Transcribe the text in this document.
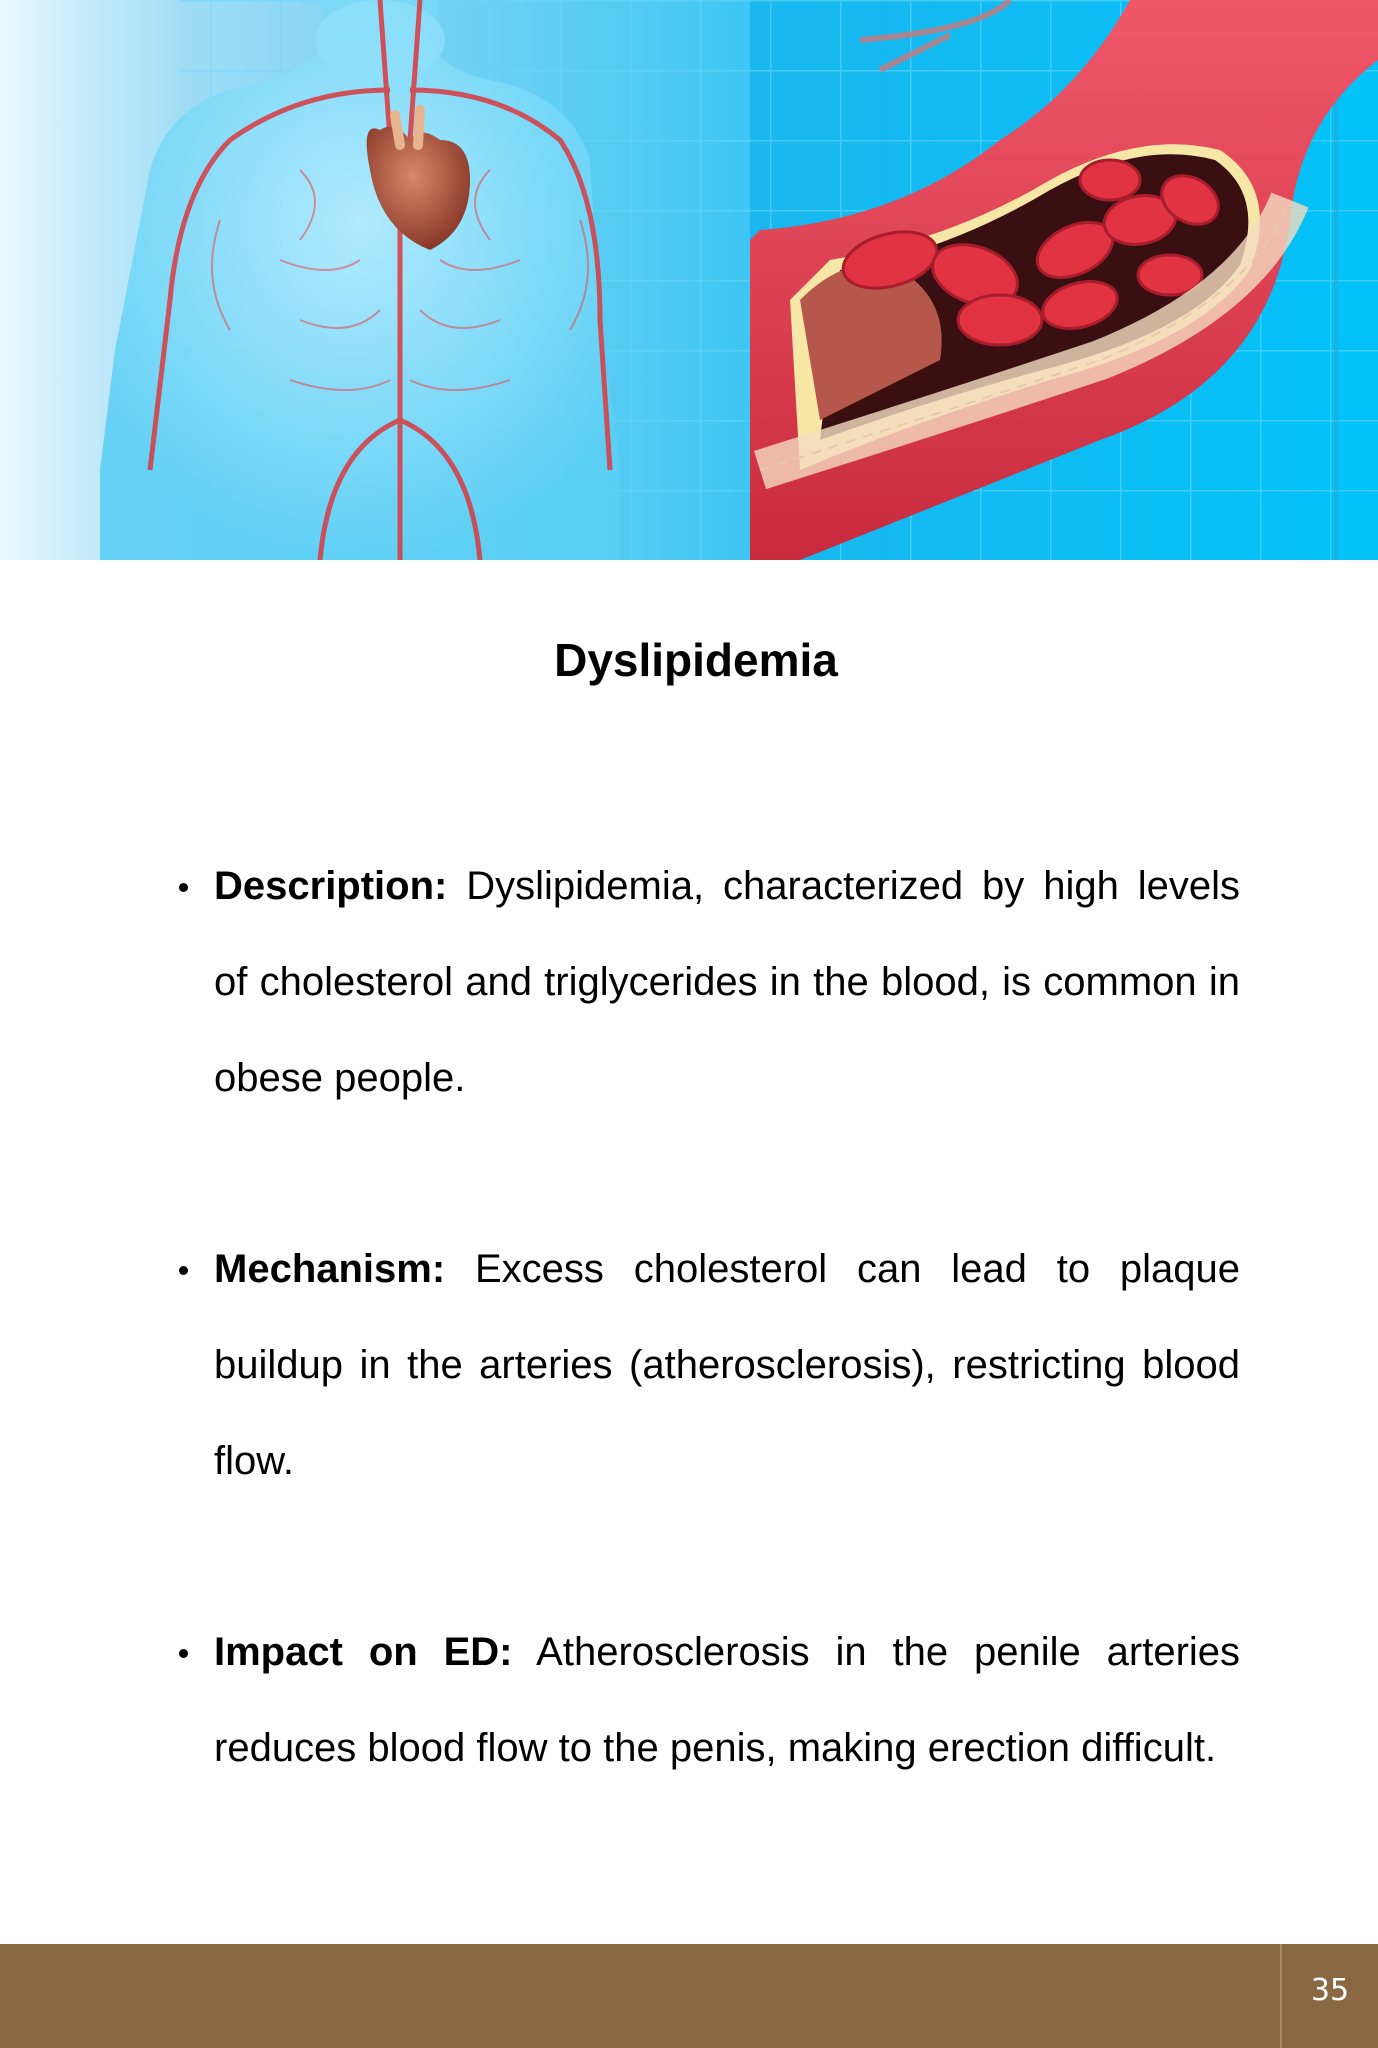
Dyslipidemia
Description: Dyslipidemia, characterized by high levels of cholesterol and triglycerides in the blood, is common in obese people.
Mechanism: Excess cholesterol can lead to plaque buildup in the arteries (atherosclerosis), restricting blood flow.
Impact on ED: Atherosclerosis in the penile arteries reduces blood flow to the penis, making erection difficult.
35
